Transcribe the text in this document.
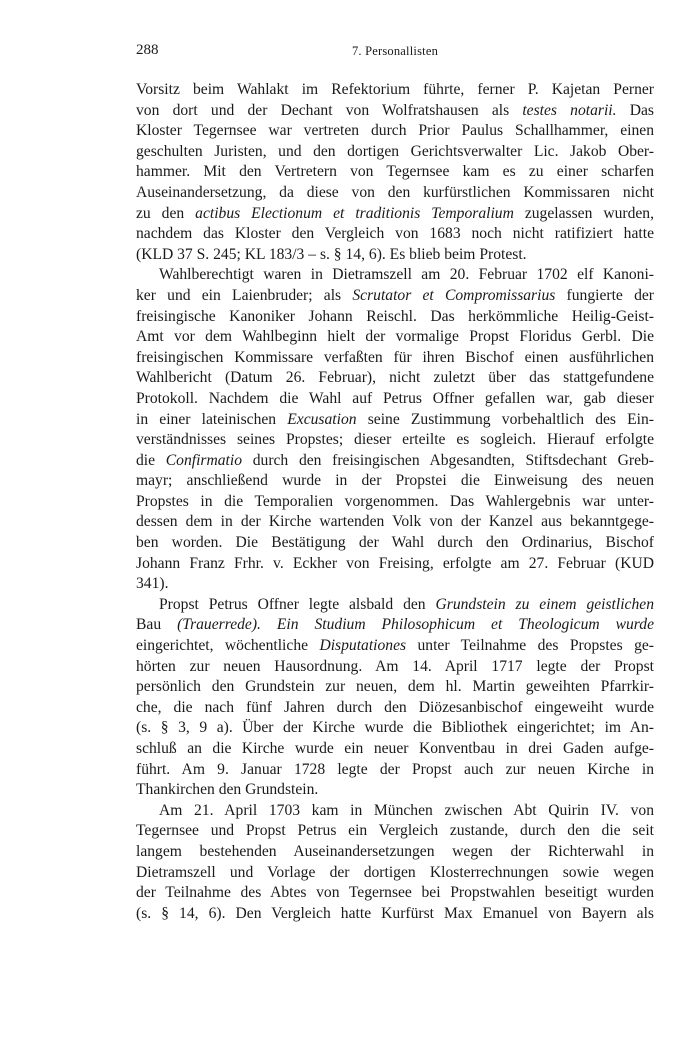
288	7. Personallisten
Vorsitz beim Wahlakt im Refektorium führte, ferner P. Kajetan Perner
von dort und der Dechant von Wolfratshausen als testes notarii. Das
Kloster Tegernsee war vertreten durch Prior Paulus Schallhammer, einen
geschulten Juristen, und den dortigen Gerichtsverwalter Lic. Jakob Ober-
hammer. Mit den Vertretern von Tegernsee kam es zu einer scharfen
Auseinandersetzung, da diese von den kurfürstlichen Kommissaren nicht
zu den actibus Electionum et traditionis Temporalium zugelassen wurden,
nachdem das Kloster den Vergleich von 1683 noch nicht ratifiziert hatte
(KLD 37 S. 245; KL 183/3 – s. § 14, 6). Es blieb beim Protest.
Wahlberechtigt waren in Dietramszell am 20. Februar 1702 elf Kanoni-
ker und ein Laienbruder; als Scrutator et Compromissarius fungierte der
freisingische Kanoniker Johann Reischl. Das herkömmliche Heilig-Geist-
Amt vor dem Wahlbeginn hielt der vormalige Propst Floridus Gerbl. Die
freisingischen Kommissare verfaßten für ihren Bischof einen ausführlichen
Wahlbericht (Datum 26. Februar), nicht zuletzt über das stattgefundene
Protokoll. Nachdem die Wahl auf Petrus Offner gefallen war, gab dieser
in einer lateinischen Excusation seine Zustimmung vorbehaltlich des Ein-
verständnisses seines Propstes; dieser erteilte es sogleich. Hierauf erfolgte
die Confirmatio durch den freisingischen Abgesandten, Stiftsdechant Greb-
mayr; anschließend wurde in der Propstei die Einweisung des neuen
Propstes in die Temporalien vorgenommen. Das Wahlergebnis war unter-
dessen dem in der Kirche wartenden Volk von der Kanzel aus bekanntgege-
ben worden. Die Bestätigung der Wahl durch den Ordinarius, Bischof
Johann Franz Frhr. v. Eckher von Freising, erfolgte am 27. Februar (KUD
341).
Propst Petrus Offner legte alsbald den Grundstein zu einem geistlichen
Bau (Trauerrede). Ein Studium Philosophicum et Theologicum wurde
eingerichtet, wöchentliche Disputationes unter Teilnahme des Propstes ge-
hörten zur neuen Hausordnung. Am 14. April 1717 legte der Propst
persönlich den Grundstein zur neuen, dem hl. Martin geweihten Pfarrkir-
che, die nach fünf Jahren durch den Diözesanbischof eingeweiht wurde
(s. § 3, 9 a). Über der Kirche wurde die Bibliothek eingerichtet; im An-
schluß an die Kirche wurde ein neuer Konventbau in drei Gaden aufge-
führt. Am 9. Januar 1728 legte der Propst auch zur neuen Kirche in
Thankirchen den Grundstein.
Am 21. April 1703 kam in München zwischen Abt Quirin IV. von
Tegernsee und Propst Petrus ein Vergleich zustande, durch den die seit
langem bestehenden Auseinandersetzungen wegen der Richterwahl in
Dietramszell und Vorlage der dortigen Klosterrechnungen sowie wegen
der Teilnahme des Abtes von Tegernsee bei Propstwahlen beseitigt wurden
(s. § 14, 6). Den Vergleich hatte Kurfürst Max Emanuel von Bayern als
